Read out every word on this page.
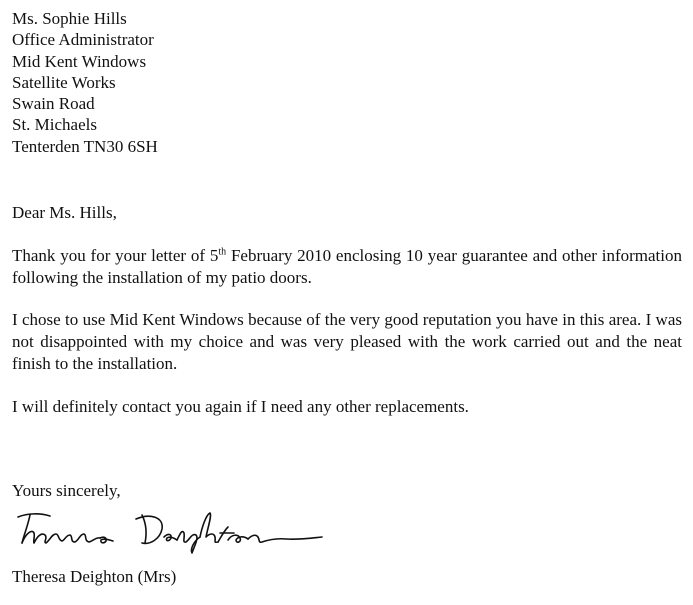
Ms. Sophie Hills
Office Administrator
Mid Kent Windows
Satellite Works
Swain Road
St. Michaels
Tenterden TN30 6SH
Dear Ms. Hills,
Thank you for your letter of 5th February 2010 enclosing 10 year guarantee and other information following the installation of my patio doors.
I chose to use Mid Kent Windows because of the very good reputation you have in this area. I was not disappointed with my choice and was very pleased with the work carried out and the neat finish to the installation.
I will definitely contact you again if I need any other replacements.
Yours sincerely,
Theresa Deighton (Mrs)
